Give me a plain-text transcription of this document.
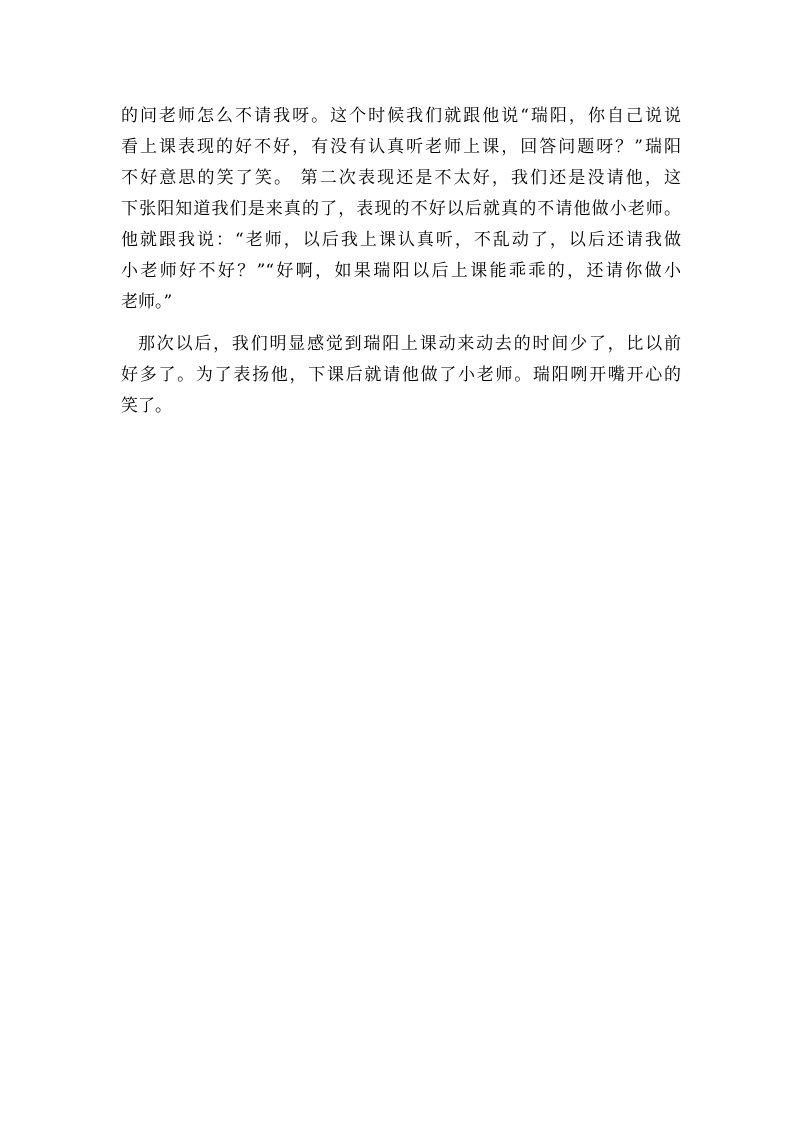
的问老师怎么不请我呀。这个时候我们就跟他说“瑞阳，你自己说说
看上课表现的好不好，有没有认真听老师上课，回答问题呀？”瑞阳
不好意思的笑了笑。 第二次表现还是不太好，我们还是没请他，这
下张阳知道我们是来真的了，表现的不好以后就真的不请他做小老师。
他就跟我说：“老师，以后我上课认真听，不乱动了，以后还请我做
小老师好不好？”“好啊，如果瑞阳以后上课能乖乖的，还请你做小
老师。”
那次以后，我们明显感觉到瑞阳上课动来动去的时间少了，比以前
好多了。为了表扬他，下课后就请他做了小老师。瑞阳咧开嘴开心的
笑了。
